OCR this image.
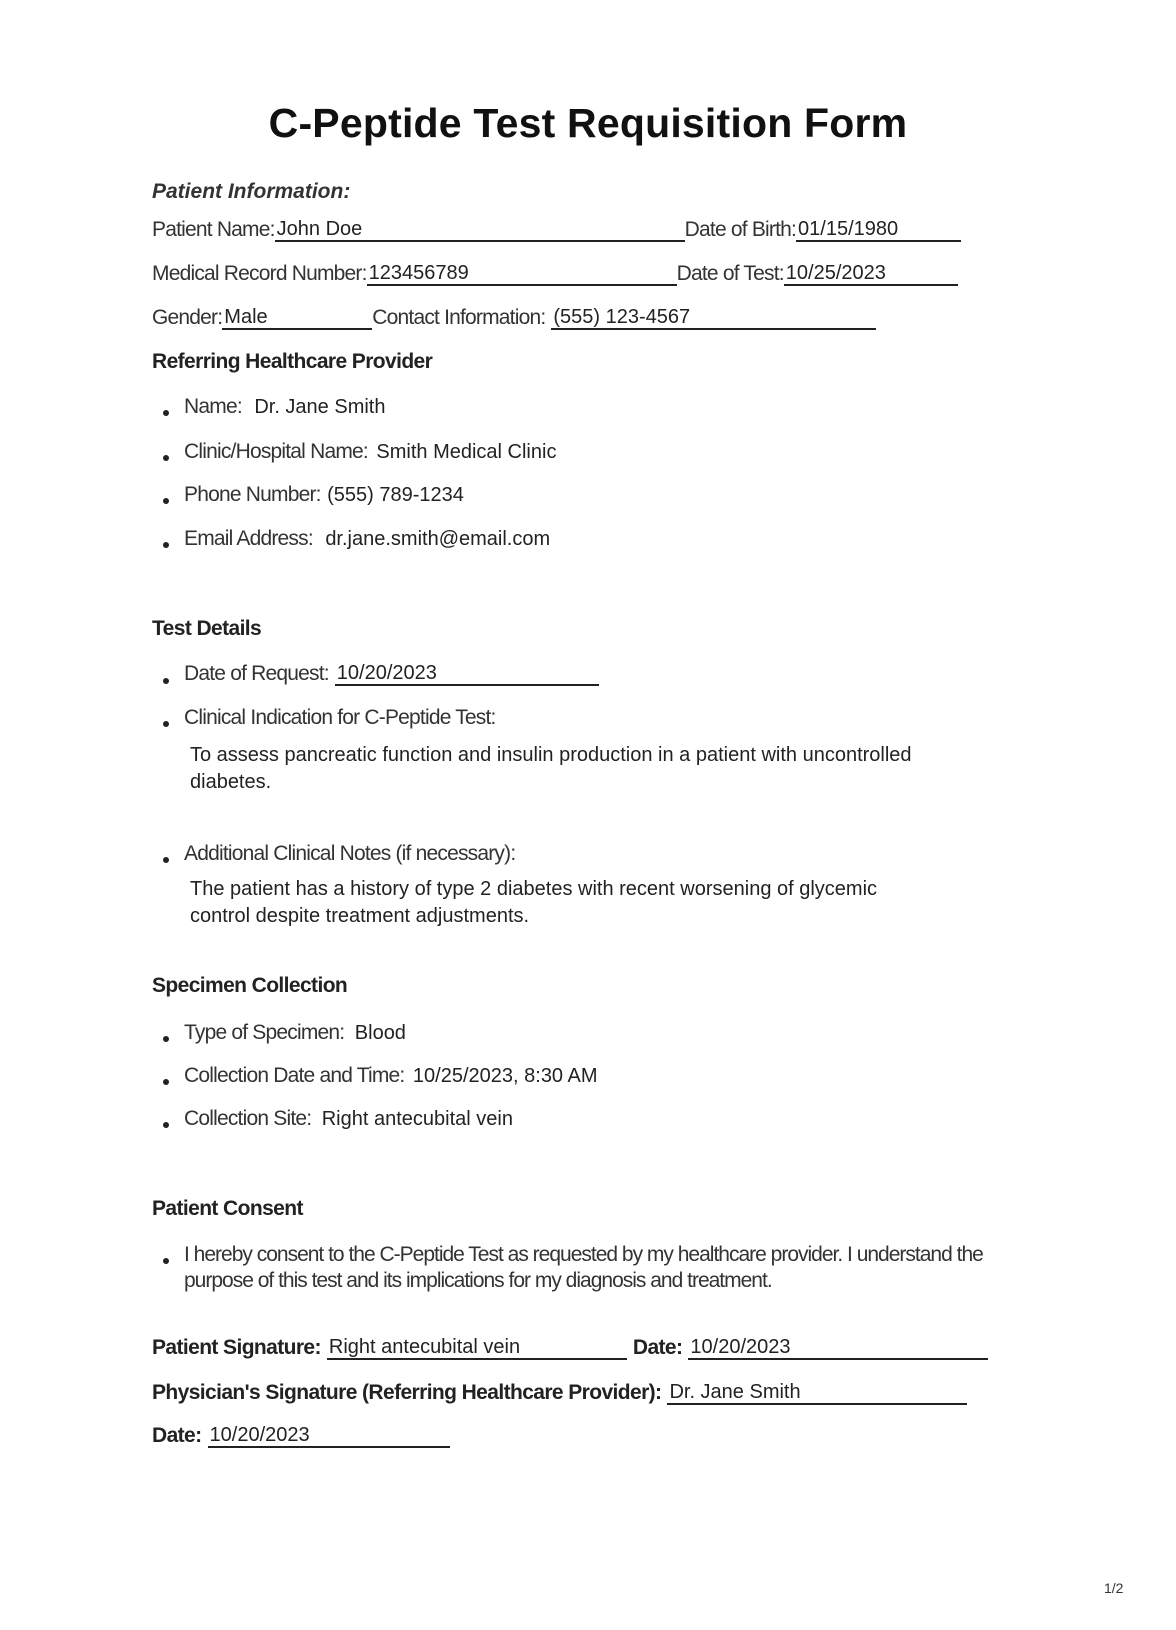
C-Peptide Test Requisition Form
Patient Information:
Patient Name: John Doe	Date of Birth: 01/15/1980
Medical Record Number: 123456789	Date of Test: 10/25/2023
Gender: Male	Contact Information: (555) 123-4567
Referring Healthcare Provider
Name: Dr. Jane Smith
Clinic/Hospital Name: Smith Medical Clinic
Phone Number: (555) 789-1234
Email Address: dr.jane.smith@email.com
Test Details
Date of Request: 10/20/2023
Clinical Indication for C-Peptide Test:
To assess pancreatic function and insulin production in a patient with uncontrolled diabetes.
Additional Clinical Notes (if necessary):
The patient has a history of type 2 diabetes with recent worsening of glycemic control despite treatment adjustments.
Specimen Collection
Type of Specimen: Blood
Collection Date and Time: 10/25/2023, 8:30 AM
Collection Site: Right antecubital vein
Patient Consent
I hereby consent to the C-Peptide Test as requested by my healthcare provider. I understand the purpose of this test and its implications for my diagnosis and treatment.
Patient Signature: Right antecubital vein	Date: 10/20/2023
Physician's Signature (Referring Healthcare Provider): Dr. Jane Smith
Date: 10/20/2023
1/2
